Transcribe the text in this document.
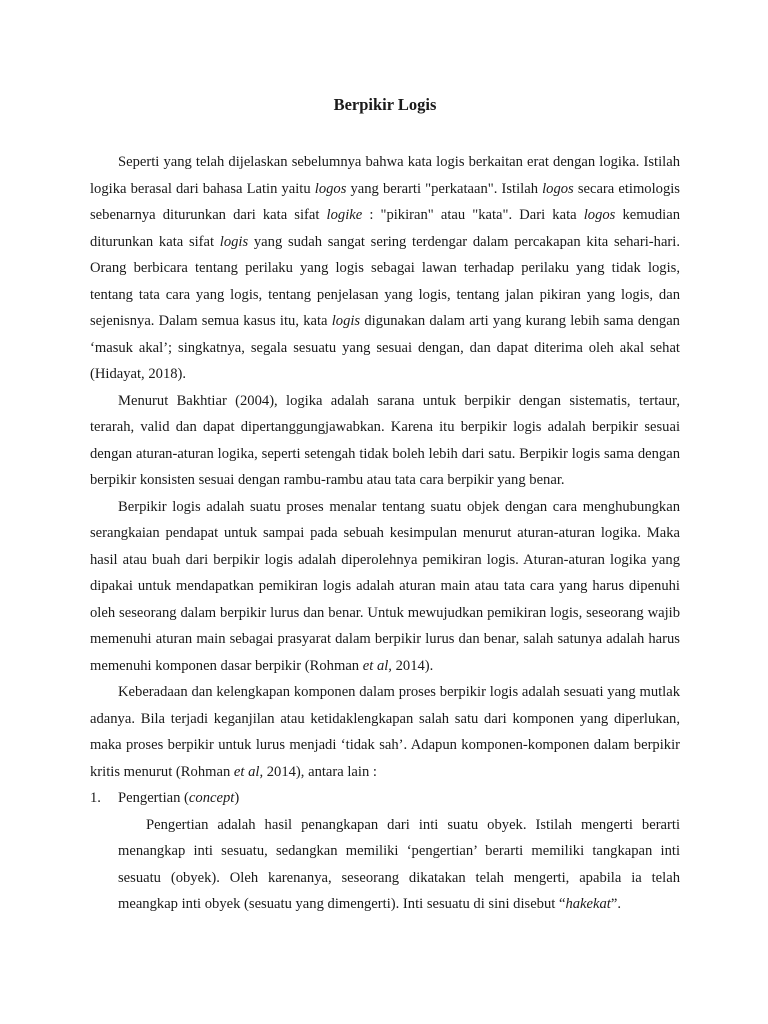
Berpikir Logis

Seperti yang telah dijelaskan sebelumnya bahwa kata logis berkaitan erat dengan logika. Istilah logika berasal dari bahasa Latin yaitu logos yang berarti "perkataan". Istilah logos secara etimologis sebenarnya diturunkan dari kata sifat logike : "pikiran" atau "kata". Dari kata logos kemudian diturunkan kata sifat logis yang sudah sangat sering terdengar dalam percakapan kita sehari-hari. Orang berbicara tentang perilaku yang logis sebagai lawan terhadap perilaku yang tidak logis, tentang tata cara yang logis, tentang penjelasan yang logis, tentang jalan pikiran yang logis, dan sejenisnya. Dalam semua kasus itu, kata logis digunakan dalam arti yang kurang lebih sama dengan ‘masuk akal’; singkatnya, segala sesuatu yang sesuai dengan, dan dapat diterima oleh akal sehat (Hidayat, 2018).

Menurut Bakhtiar (2004), logika adalah sarana untuk berpikir dengan sistematis, tertaur, terarah, valid dan dapat dipertanggungjawabkan. Karena itu berpikir logis adalah berpikir sesuai dengan aturan-aturan logika, seperti setengah tidak boleh lebih dari satu. Berpikir logis sama dengan berpikir konsisten sesuai dengan rambu-rambu atau tata cara berpikir yang benar.

Berpikir logis adalah suatu proses menalar tentang suatu objek dengan cara menghubungkan serangkaian pendapat untuk sampai pada sebuah kesimpulan menurut aturan-aturan logika. Maka hasil atau buah dari berpikir logis adalah diperolehnya pemikiran logis. Aturan-aturan logika yang dipakai untuk mendapatkan pemikiran logis adalah aturan main atau tata cara yang harus dipenuhi oleh seseorang dalam berpikir lurus dan benar. Untuk mewujudkan pemikiran logis, seseorang wajib memenuhi aturan main sebagai prasyarat dalam berpikir lurus dan benar, salah satunya adalah harus memenuhi komponen dasar berpikir (Rohman et al, 2014).

Keberadaan dan kelengkapan komponen dalam proses berpikir logis adalah sesuati yang mutlak adanya. Bila terjadi keganjilan atau ketidaklengkapan salah satu dari komponen yang diperlukan, maka proses berpikir untuk lurus menjadi ‘tidak sah’. Adapun komponen-komponen dalam berpikir kritis menurut (Rohman et al, 2014), antara lain :

1.	Pengertian (concept)

Pengertian adalah hasil penangkapan dari inti suatu obyek. Istilah mengerti berarti menangkap inti sesuatu, sedangkan memiliki ‘pengertian’ berarti memiliki tangkapan inti sesuatu (obyek). Oleh karenanya, seseorang dikatakan telah mengerti, apabila ia telah meangkap inti obyek (sesuatu yang dimengerti). Inti sesuatu di sini disebut “hakekat”.
